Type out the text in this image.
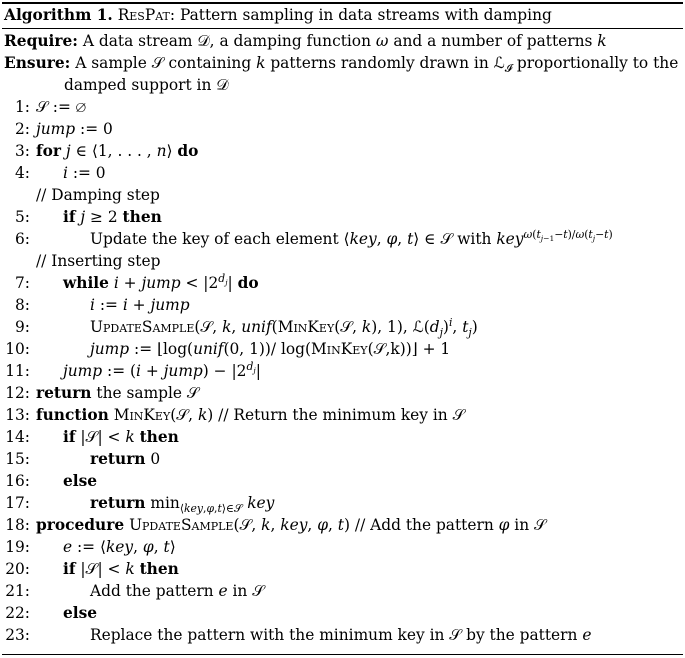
Algorithm 1. ResPat: Pattern sampling in data streams with damping
Require: A data stream 𝒟, a damping function ω and a number of patterns k
Ensure: A sample 𝒮 containing k patterns randomly drawn in ℒ$_𝓘$ proportionally to the damped support in 𝒟
1: 𝒮 := ∅
2: jump := 0
3: for j ∈ ⟨1, . . . , n⟩ do
4: i := 0
// Damping step
5: if j ≥ 2 then
6:	Update the key of each element ⟨key, φ, t⟩ ∈ 𝒮 with key$^{\omega(t_{j-1}-t)/\omega(t_j-t)}$
// Inserting step
7: while i + jump < $|2^{d_j}|$ do
8:	i := i + jump
9:	UpdateSample(𝒮, k, unif(MinKey(𝒮, k), 1), $ℒ(d_j)^i$, $t_j$)
10:	jump := ⌊log(unif(0, 1))/ log(MinKey(𝒮,k))⌋ + 1
11: jump := (i + jump) − $|2^{d_j}|$
12: return the sample 𝒮
13: function MinKey(𝒮, k) // Return the minimum key in 𝒮
14: if |𝒮| < k then
15:	return 0
16: else
17:	return $\min_{⟨key,\varphi,t⟩\in 𝒮}$ key
18: procedure UpdateSample(𝒮, k, key, φ, t) // Add the pattern φ in 𝒮
19: e := ⟨key, φ, t⟩
20: if |𝒮| < k then
21:	Add the pattern e in 𝒮
22: else
23:	Replace the pattern with the minimum key in 𝒮 by the pattern e
